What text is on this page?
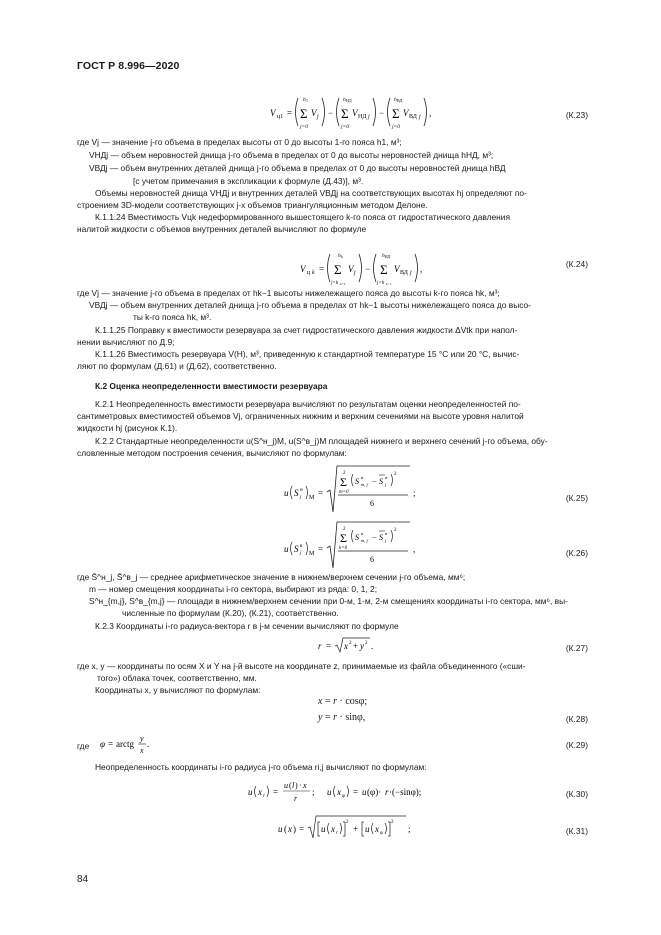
ГОСТ Р 8.996—2020
V ц1 =
h 1
Σ
j=0
V j −
h НД
Σ
j=0
V НД j −
h ВД
Σ
j=0
V ВД j ,	(К.23)
где Vj — значение j-го объема в пределах высоты от 0 до высоты 1-го пояса h1, м³;
VНДj — объем неровностей днища j-го объема в пределах от 0 до высоты неровностей днища hНД, м³;
VВДj — объем внутренних деталей днища j-го объема в пределах от 0 до высоты неровностей днища hВД
[с учетом примечания в экспликации к формуле (Д.43)], м³.
Объемы неровностей днища VНДj и внутренних деталей VВДj на соответствующих высотах hj определяют по-
строением 3D-модели соответствующих j-х объемов триангуляционным методом Делоне.
К.1.1.24 Вместимость Vцk недеформированного вышестоящего k-го пояса от гидростатического давления
налитой жидкости с объемов внутренних деталей вычисляют по формуле
V ц k =
h k
Σ
j=h k−1
V j −
h ВД
Σ
j=h k−1
V ВД j ,	(К.24)
где Vj — значение j-го объема в пределах от hk−1 высоты нижележащего пояса до высоты k-го пояса hk, м³;
VВДj — объем внутренних деталей днища j-го объема в пределах от hk−1 высоты нижележащего пояса до высо-
ты k-го пояса hk, м³.
К.1.1.25 Поправку к вместимости резервуара за счет гидростатического давления жидкости ΔVtk при напол-
нении вычисляют по Д.9;
К.1.1.26 Вместимость резервуара V(H), м³, приведенную к стандартной температуре 15 °С или 20 °С, вычис-
ляют по формулам (Д.61) и (Д.62), соответственно.
К.2 Оценка неопределенности вместимости резервуара
К.2.1 Неопределенность вместимости резервуара вычисляют по результатам оценки неопределенностей по-
сантиметровых вместимостей объемов Vj, ограниченных нижним и верхним сечениями на высоте уровня налитой
жидкости hj (рисунок К.1).
К.2.2 Стандартные неопределенности u(S^н_j)M, u(S^в_j)M площадей нижнего и верхнего сечений j-го объема, обу-
словленные методом построения сечения, вычисляют по формулам:
u S н
j М =
2
Σ
m=0
S н
m, j − S н
j
2
6
;	(К.25)
u S в
j М =
2
Σ
k=0
S в
m, j − S в
j
2
6
,	(К.26)
где S̄^н_j, S̄^в_j — среднее арифметическое значение в нижнем/верхнем сечении j-го объема, мм⁶;
m — номер смещения координаты i-го сектора, выбирают из ряда: 0, 1, 2;
S^н_{m,j}, S^в_{m,j} — площади в нижнем/верхнем сечении при 0-м, 1-м, 2-м смещениях координаты i-го сектора, мм⁶, вы-
численные по формулам (К.20), (К.21), соответственно.
К.2.3 Координаты i-го радиуса-вектора r в j-м сечении вычисляют по формуле
r = x 2 + y 2 .	(К.27)
где x, y — координаты по осям X и Y на j-й высоте на координате z, принимаемые из файла объединенного («сши-
того») облака точек, соответственно, мм.
Координаты x, y вычисляют по формулам:
x = r · cosφ;
y = r · sinφ,	(К.28)
где	φ = arctg
y
x
.	(К.29)
Неопределенность координаты i-го радиуса j-го объема ri,j вычисляют по формулам:
u x r =
u ( l ) · x
r
; u x φ = u (φ)· r ·(−sinφ);	(К.30)
u ( x ) = u x r
2
+ u x φ
2
;	(К.31)
84
